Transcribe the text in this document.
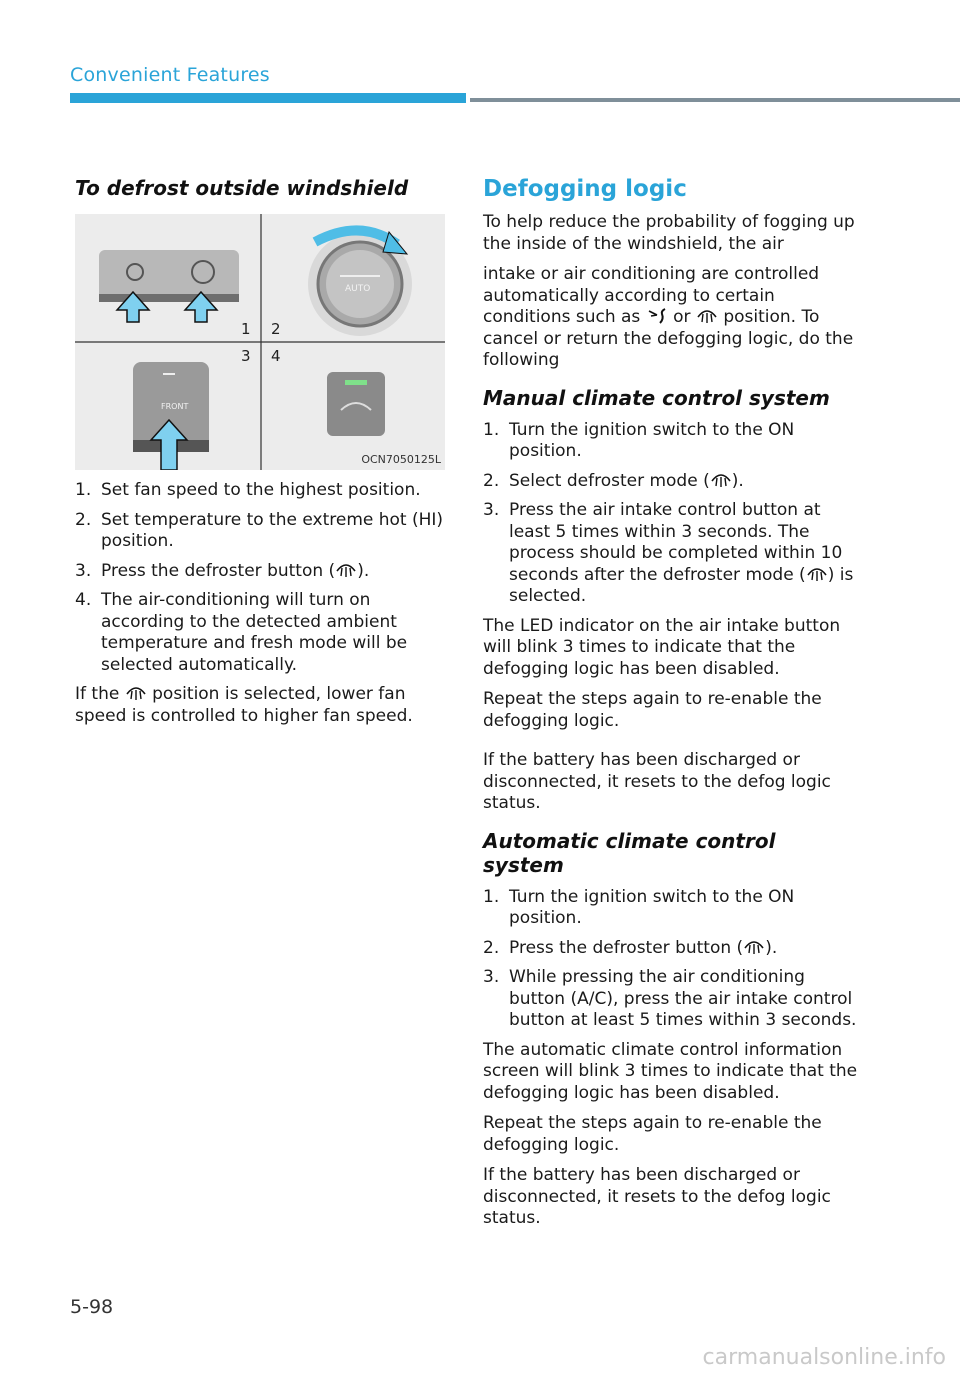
Convenient Features
To defrost outside windshield
1 2
3 4
AUTO
FRONT
OCN7050125L
1. Set fan speed to the highest position.
2. Set temperature to the extreme hot (HI) position.
3. Press the defroster button ( ).
4. The air-conditioning will turn on according to the detected ambient temperature and fresh mode will be selected automatically.

If the position is selected, lower fan speed is controlled to higher fan speed.

Defogging logic

To help reduce the probability of fogging up the inside of the windshield, the air

intake or air conditioning are controlled automatically according to certain conditions such as or position. To cancel or return the defogging logic, do the following

Manual climate control system
1. Turn the ignition switch to the ON position.
2. Select defroster mode ( ).
3. Press the air intake control button at least 5 times within 3 seconds. The process should be completed within 10 seconds after the defroster mode ( ) is selected.

The LED indicator on the air intake button will blink 3 times to indicate that the defogging logic has been disabled.

Repeat the steps again to re-enable the defogging logic.

If the battery has been discharged or disconnected, it resets to the defog logic status.

Automatic climate control system
1. Turn the ignition switch to the ON position.
2. Press the defroster button ( ).
3. While pressing the air conditioning button (A/C), press the air intake control button at least 5 times within 3 seconds.

The automatic climate control information screen will blink 3 times to indicate that the defogging logic has been disabled.

Repeat the steps again to re-enable the defogging logic.

If the battery has been discharged or disconnected, it resets to the defog logic status.

5-98
carmanualsonline.info
